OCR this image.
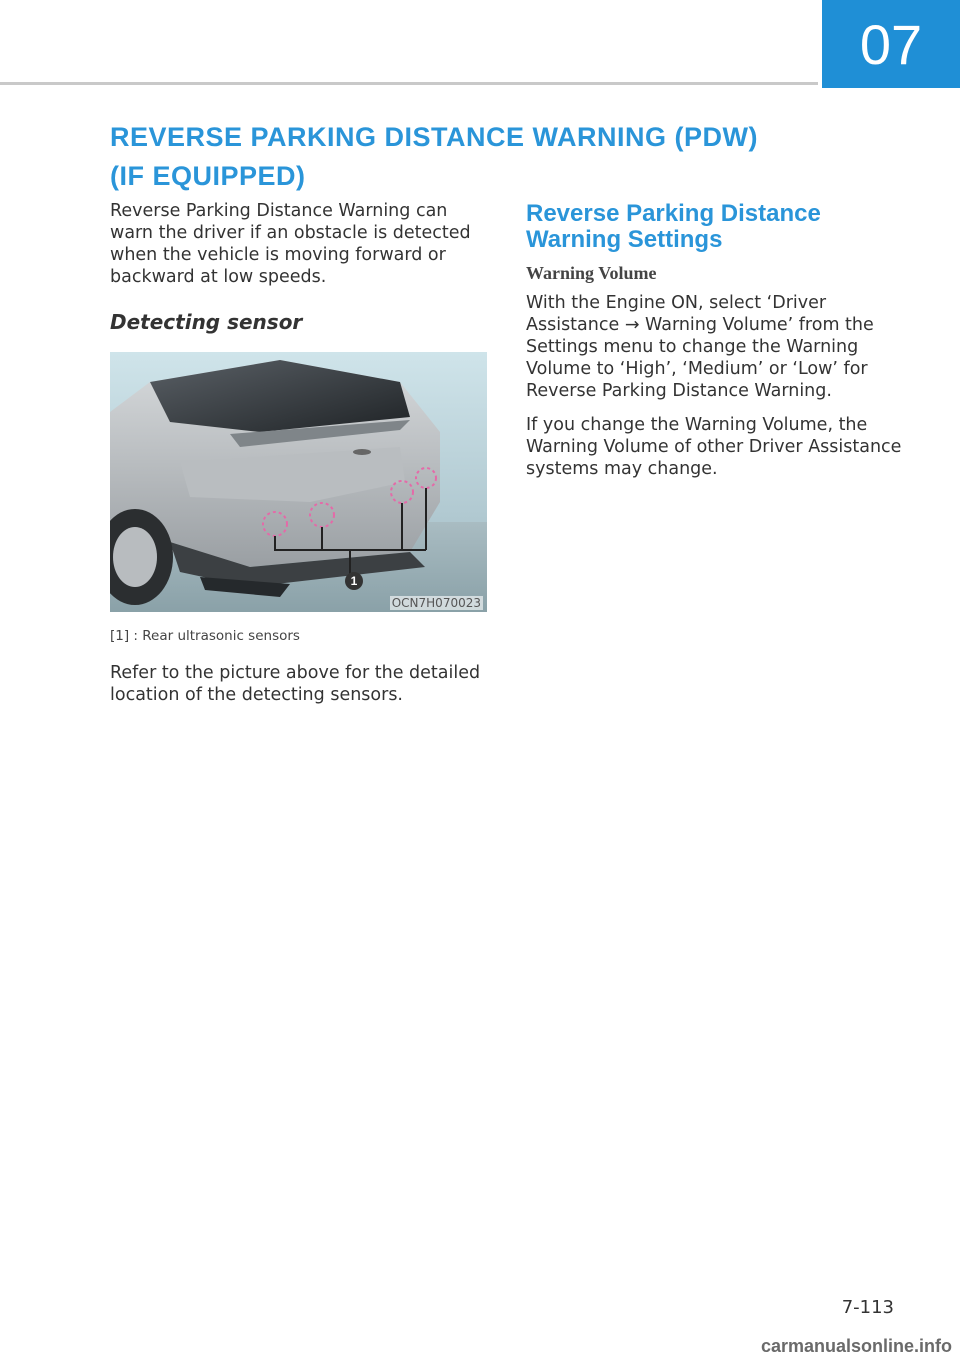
07
REVERSE PARKING DISTANCE WARNING (PDW)
(IF EQUIPPED)

Reverse Parking Distance Warning can warn the driver if an obstacle is detected when the vehicle is moving forward or backward at low speeds.

Detecting sensor
1
OCN7H070023
[1] : Rear ultrasonic sensors

Refer to the picture above for the detailed location of the detecting sensors.

Reverse Parking Distance Warning Settings
Warning Volume

With the Engine ON, select ‘Driver Assistance → Warning Volume’ from the Settings menu to change the Warning Volume to ‘High’, ‘Medium’ or ‘Low’ for Reverse Parking Distance Warning.

If you change the Warning Volume, the Warning Volume of other Driver Assistance systems may change.

7-113
carmanualsonline.info
